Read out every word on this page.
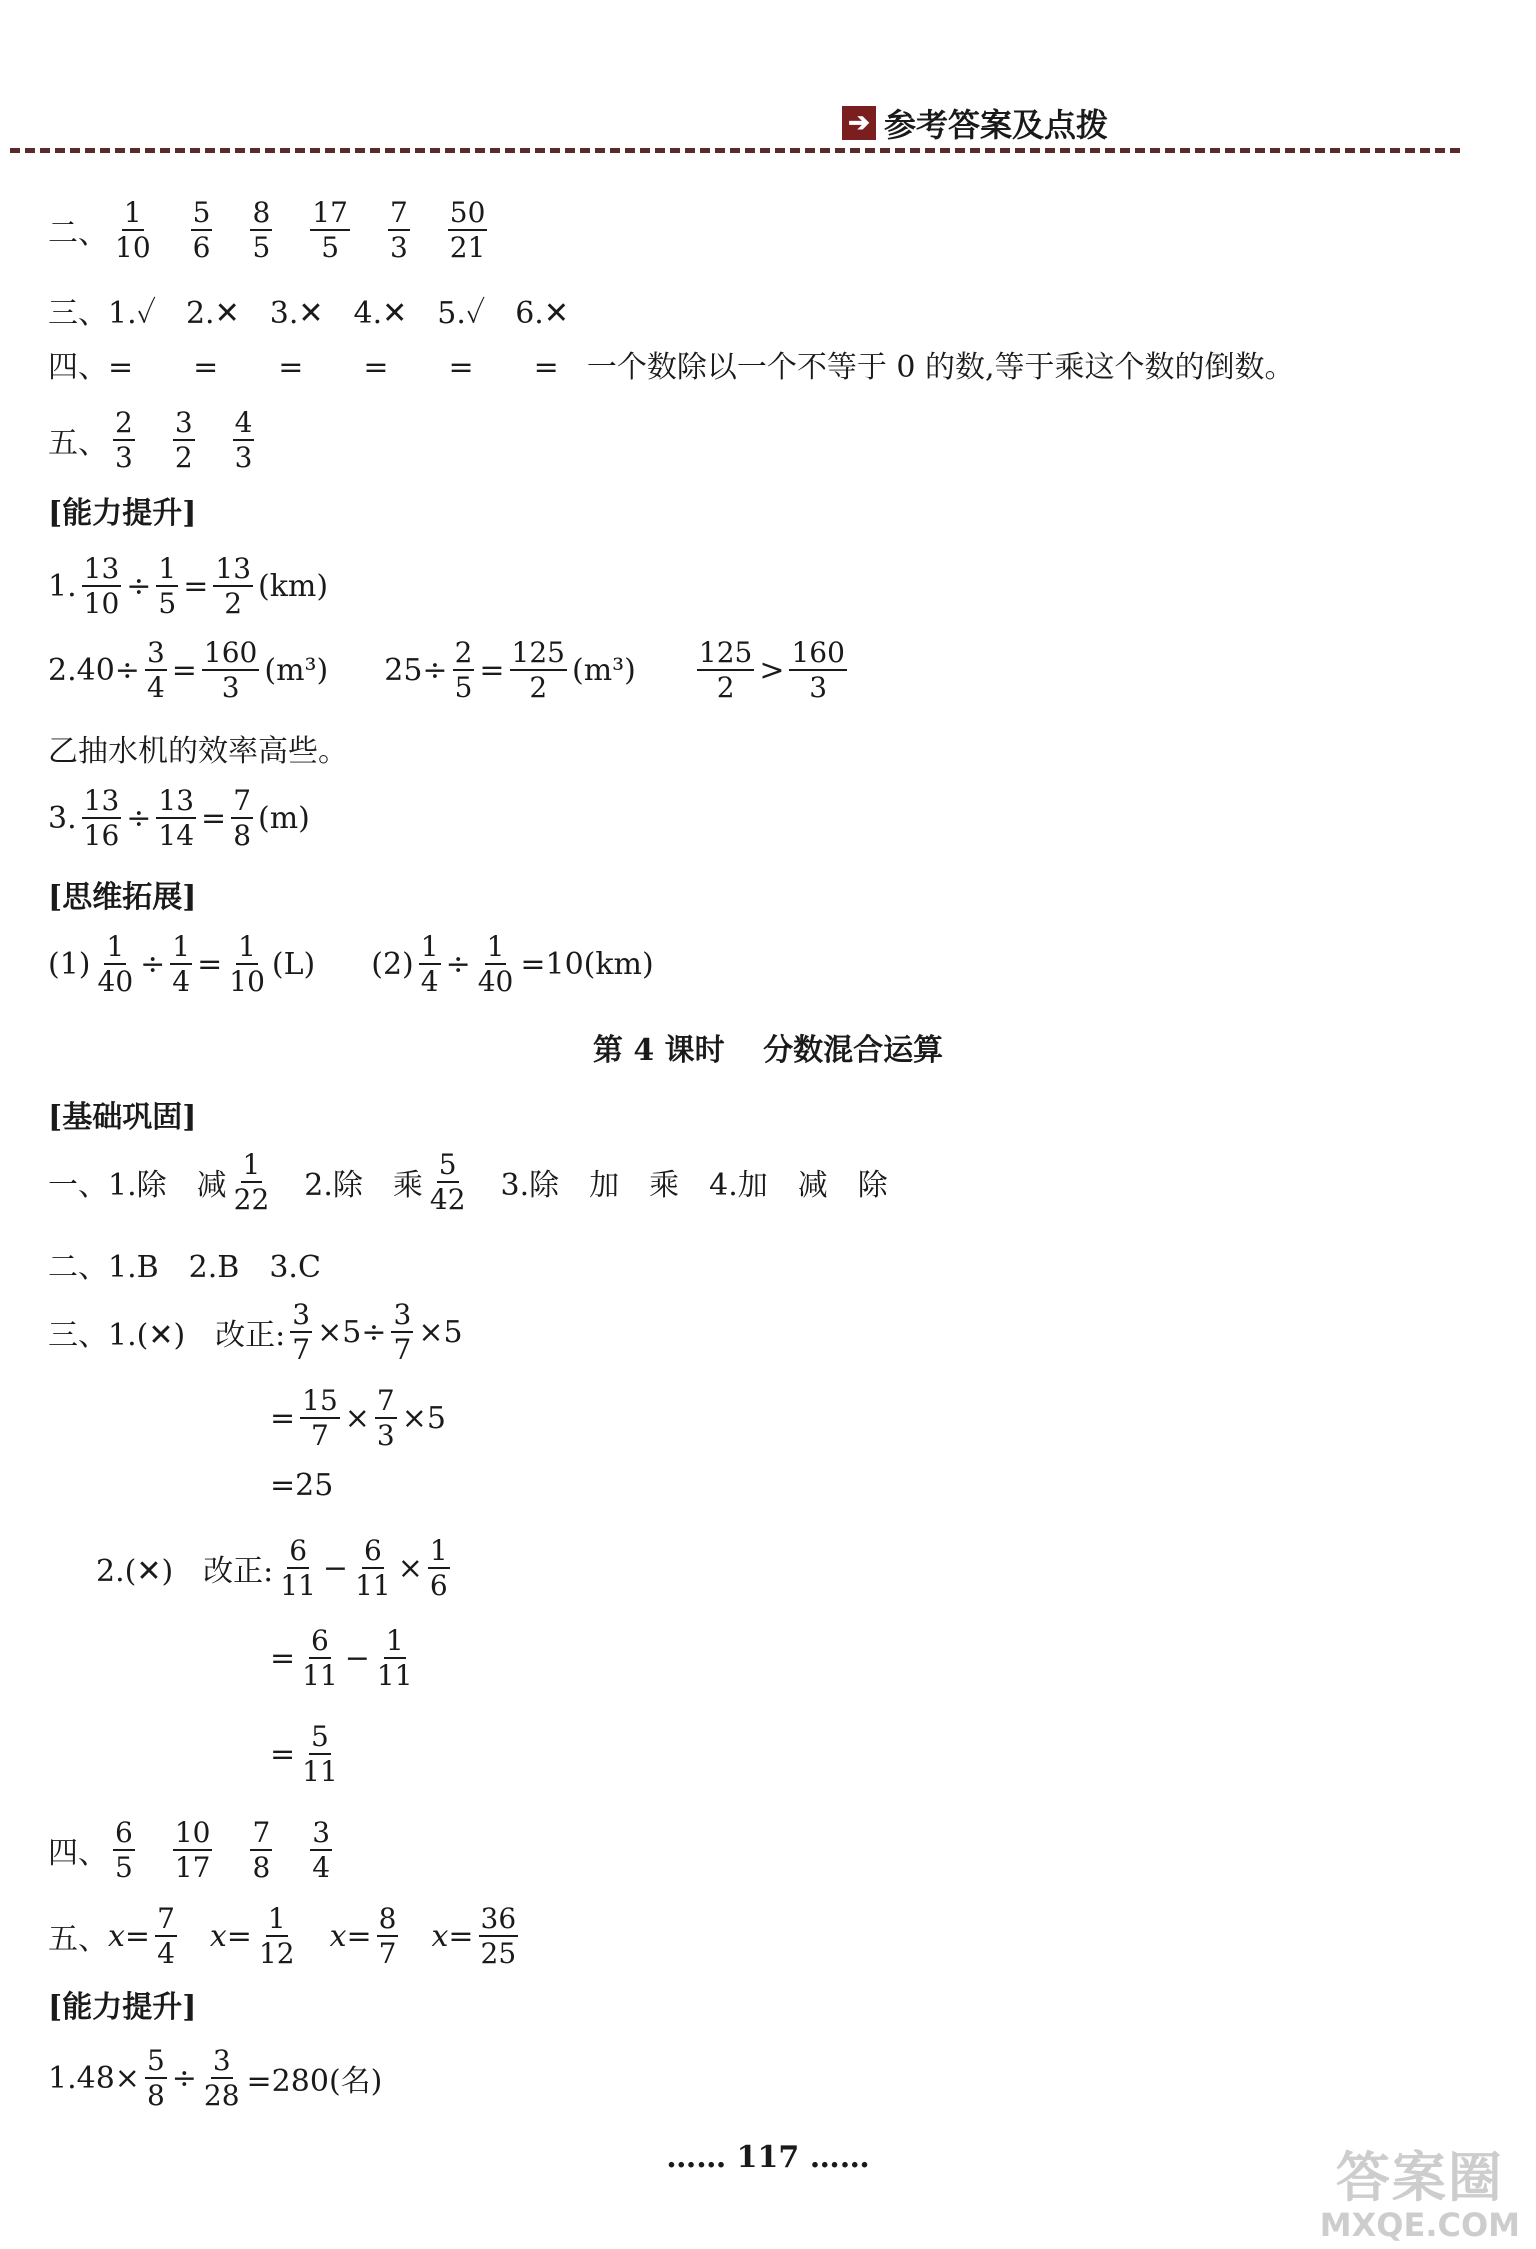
➔ 参考答案及点拨
二、 $\frac{1}{10} \frac{5}{6} \frac{8}{5} \frac{17}{5} \frac{7}{3} \frac{50}{21}$
三、1.✓　2.✕　3.✕　4.✕　5.✓　6.✕
四、 =　　=　　=　　=　　=　　= 一个数除以一个不等于 0 的数,等于乘这个数的倒数。
五、 $\frac{2}{3} \frac{3}{2} \frac{4}{3}$
[能力提升]
1. $\frac{13}{10} \div \frac{1}{5} = \frac{13}{2} (km)$
$2.40\div \frac{3}{4} = \frac{160}{3} (m^3)$ $25\div \frac{2}{5} = \frac{125}{2} (m^3) \frac{125}{2} > \frac{160}{3}$
乙抽水机的效率高些。
3. $\frac{13}{16} \div \frac{13}{14} = \frac{7}{8} (m)$
[思维拓展]
$(1) \frac{1}{40} \div \frac{1}{4} = \frac{1}{10} (L)$ $(2) \frac{1}{4} \div \frac{1}{40} =10(km)$
第 4 课时 分数混合运算
[基础巩固]
一、1.除　减 $\frac{1}{22} 2$.除　乘 $\frac{5}{42} 3$.除　加　乘　4.加　减　除
二、1.B　2.B　3.C
三、1.(✕)　改正: $\frac{3}{7} \times 5\div \frac{3}{7} \times 5$
= $\frac{15}{7} \times \frac{7}{3} \times 5$
=25
2.(✕)　改正: $\frac{6}{11} - \frac{6}{11} \times \frac{1}{6}$
= $\frac{6}{11} - \frac{1}{11}$
= $\frac{5}{11}$
四、 $\frac{6}{5} \frac{10}{17} \frac{7}{8} \frac{3}{4}$
五、 $x= \frac{7}{4} x= \frac{1}{12} x= \frac{8}{7} x= \frac{36}{25}$
[能力提升]
$1.48\times \frac{5}{8} \div \frac{3}{28} =280$(名)
…… 117 ……	答案圈
MXQE.COM
